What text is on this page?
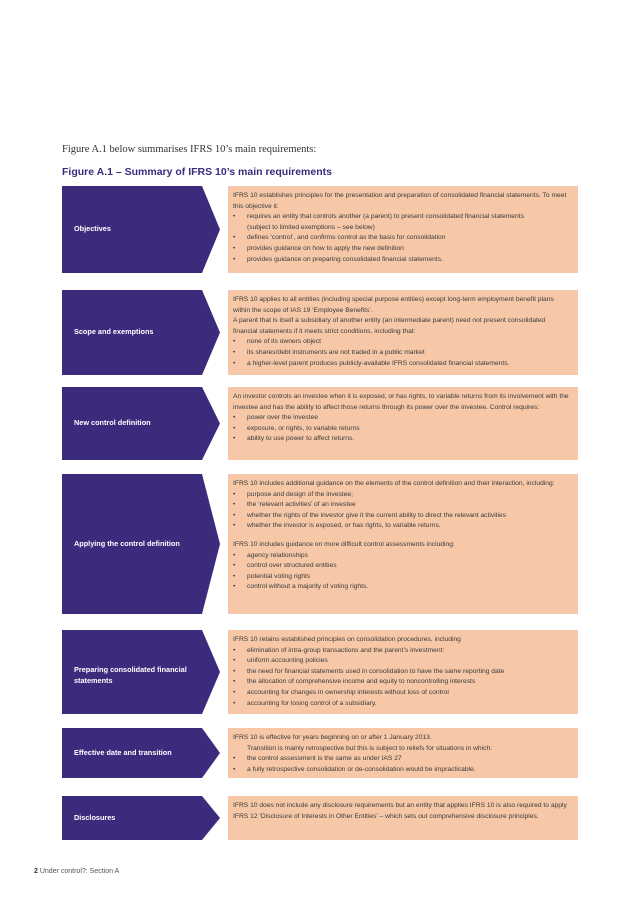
Figure A.1 below summarises IFRS 10’s main requirements:
Figure A.1 – Summary of IFRS 10’s main requirements
Objectives

IFRS 10 establishes principles for the presentation and preparation of consolidated financial statements. To meet this objective it:

• requires an entity that controls another (a parent) to present consolidated financial statements
(subject to limited exemptions – see below)
• defines ‘control’, and confirms control as the basis for consolidation
• provides guidance on how to apply the new definition
• provides guidance on preparing consolidated financial statements.
Scope and exemptions

IFRS 10 applies to all entities (including special purpose entities) except long-term employment benefit plans within the scope of IAS 19 ‘Employee Benefits’.

A parent that is itself a subsidiary of another entity (an intermediate parent) need not present consolidated financial statements if it meets strict conditions, including that:

• none of its owners object
• its shares/debt instruments are not traded in a public market
• a higher-level parent produces publicly-available IFRS consolidated financial statements.
New control definition

An investor controls an investee when it is exposed, or has rights, to variable returns from its involvement with the investee and has the ability to affect those returns through its power over the investee. Control requires:

• power over the investee
• exposure, or rights, to variable returns
• ability to use power to affect returns.
Applying the control definition

IFRS 10 includes additional guidance on the elements of the control definition and their interaction, including:

• purpose and design of the investee;
• the ‘relevant activities’ of an investee
• whether the rights of the investor give it the current ability to direct the relevant activities
• whether the investor is exposed, or has rights, to variable returns.

IFRS 10 includes guidance on more difficult control assessments including:

• agency relationships
• control over structured entities
• potential voting rights
• control without a majority of voting rights.
Preparing consolidated financial statements

IFRS 10 retains established principles on consolidation procedures, including

• elimination of intra-group transactions and the parent’s investment:
• uniform accounting policies
• the need for financial statements used in consolidation to have the same reporting date
• the allocation of comprehensive income and equity to noncontrolling interests
• accounting for changes in ownership interests without loss of control
• accounting for losing control of a subsidiary.
Effective date and transition

IFRS 10 is effective for years beginning on or after 1 January 2013.

Transition is mainly retrospective but this is subject to reliefs for situations in which:
• the control assessment is the same as under IAS 27
• a fully retrospective consolidation or de-consolidation would be impracticable.
Disclosures

IFRS 10 does not include any disclosure requirements but an entity that applies IFRS 10 is also required to apply IFRS 12 ‘Disclosure of Interests in Other Entities’ – which sets out comprehensive disclosure principles.

2 Under control?: Section A
